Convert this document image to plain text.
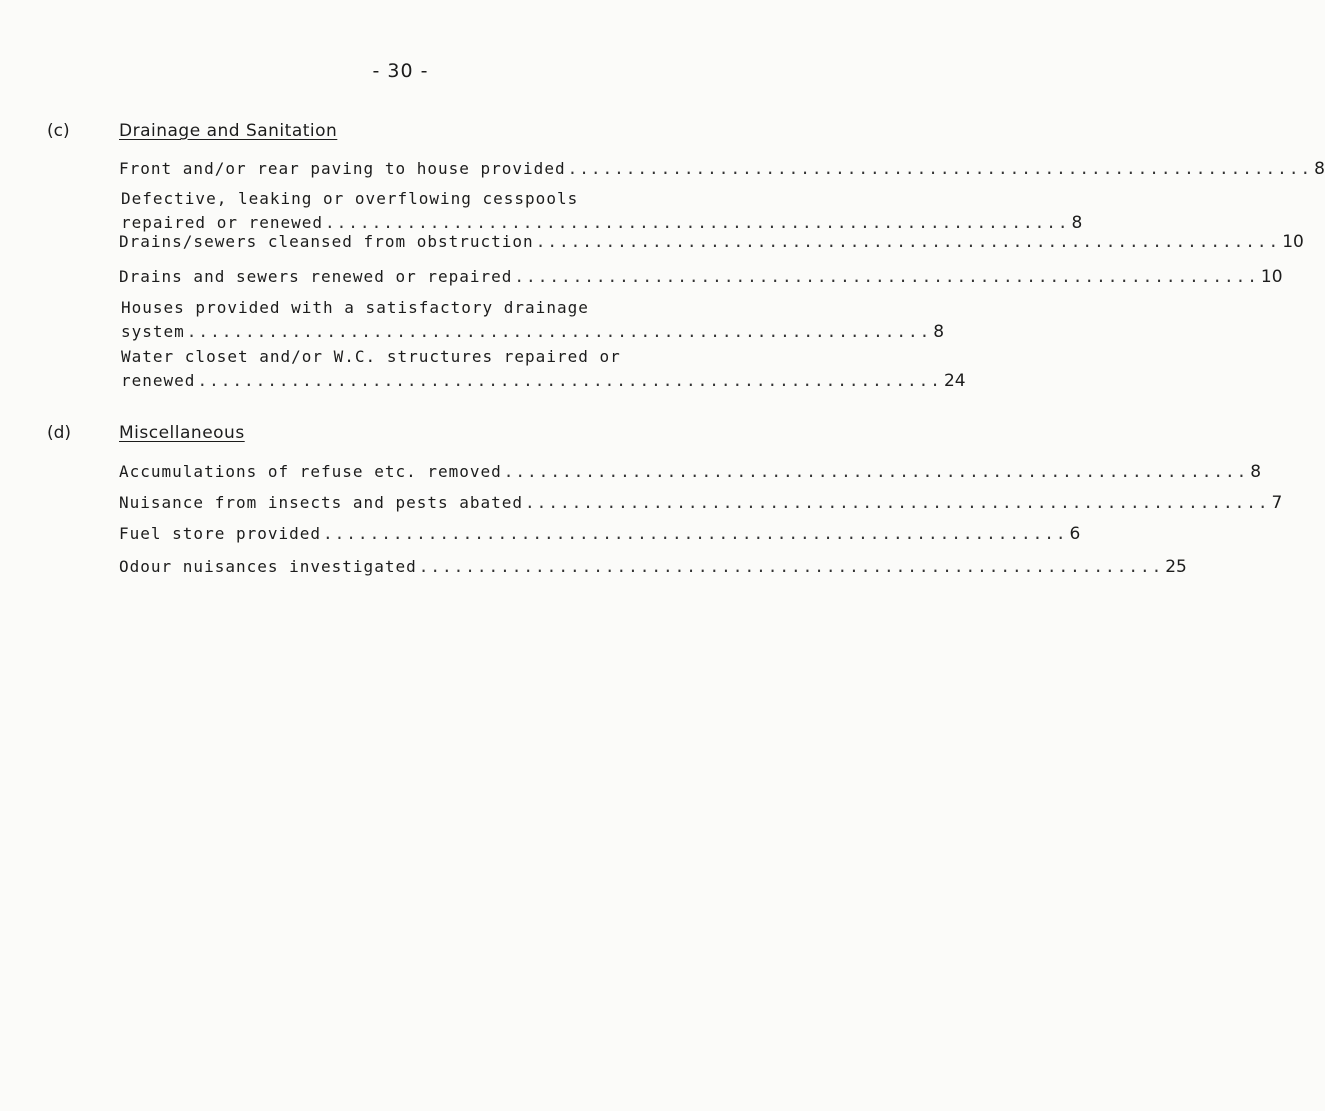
- 30 -
(c)	Drainage and Sanitation
Front and/or rear paving to house provided ................................................................ 8
Defective, leaking or overflowing cesspools
repaired or renewed ................................................................ 8
Drains/sewers cleansed from obstruction ................................................................ 10
Drains and sewers renewed or repaired ................................................................ 10
Houses provided with a satisfactory drainage
system ................................................................ 8
Water closet and/or W.C. structures repaired or
renewed ................................................................ 24
(d)	Miscellaneous
Accumulations of refuse etc. removed ................................................................ 8
Nuisance from insects and pests abated ................................................................ 7
Fuel store provided ................................................................ 6
Odour nuisances investigated ................................................................ 25
